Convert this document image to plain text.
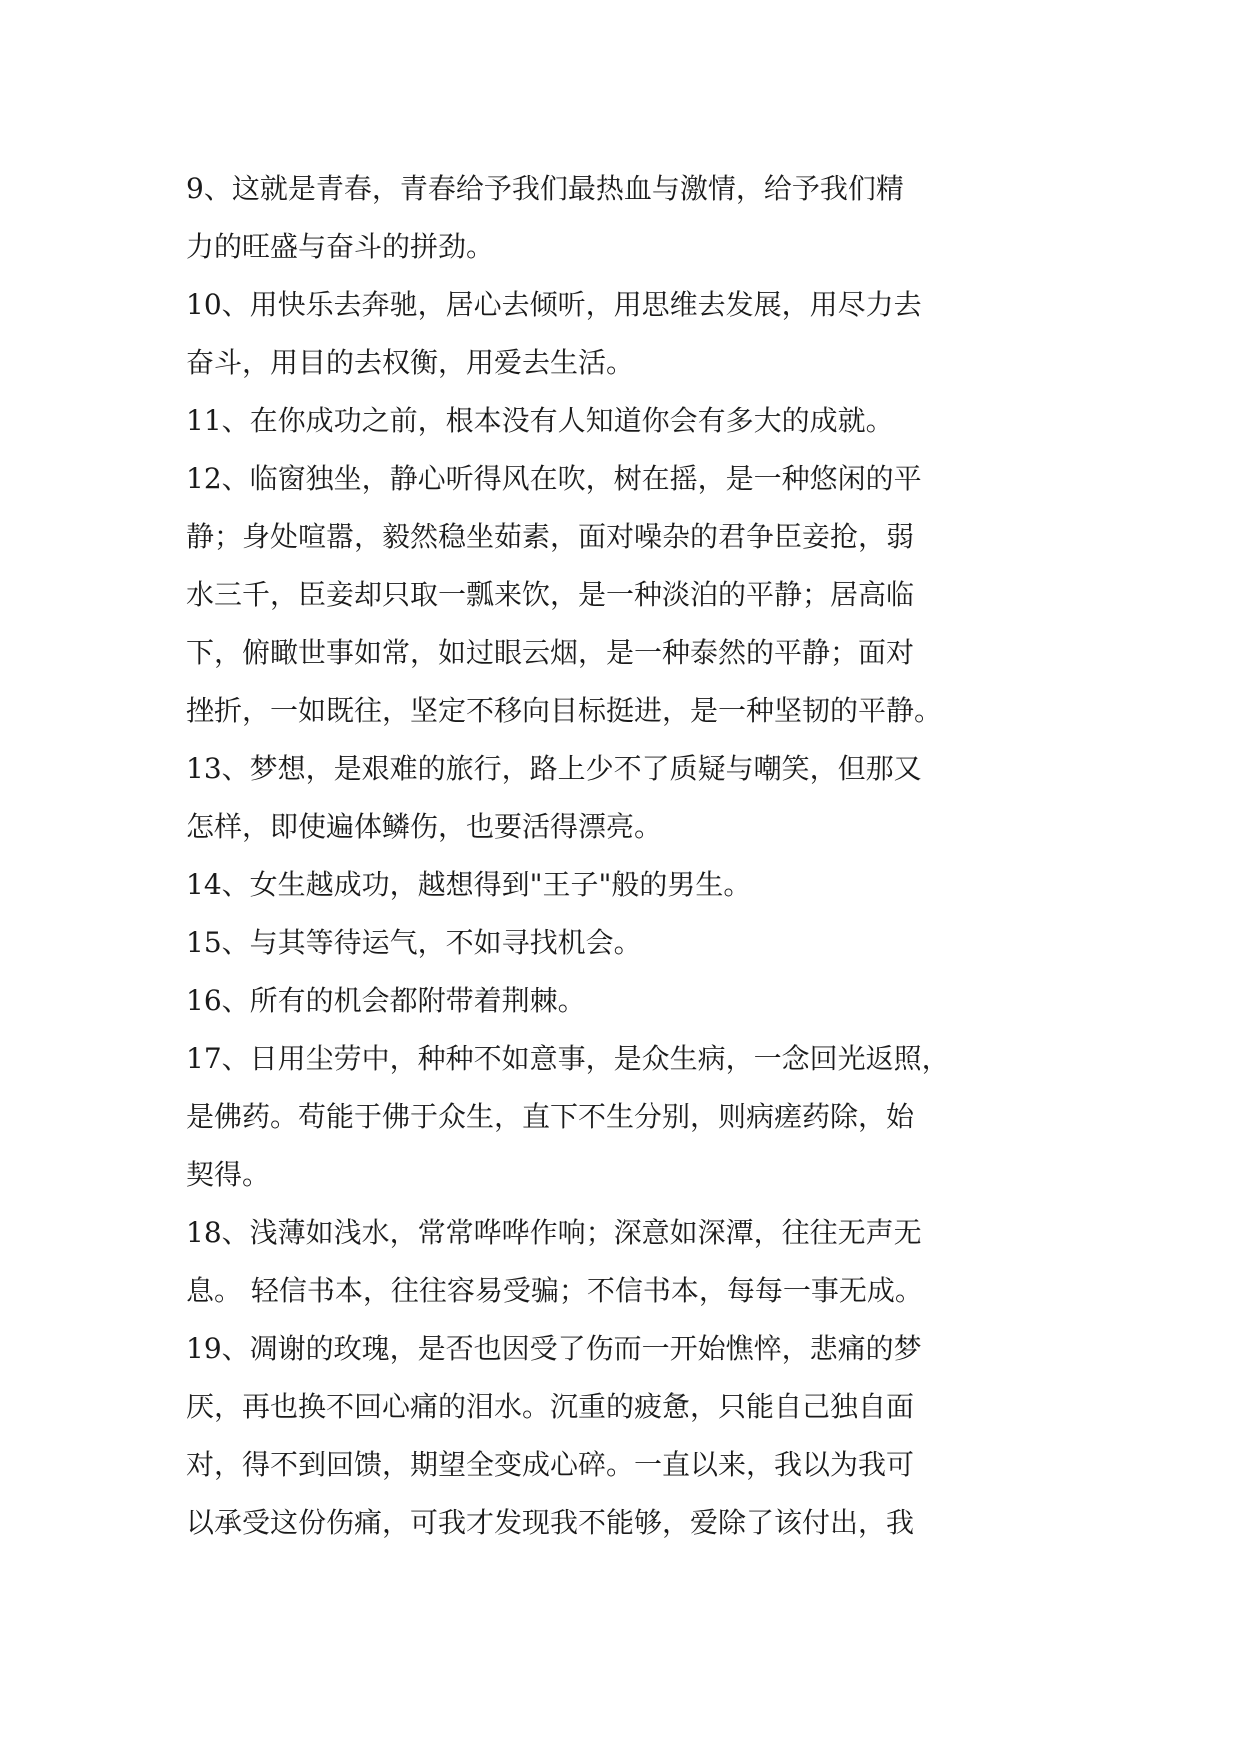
9、这就是青春，青春给予我们最热血与激情，给予我们精
力的旺盛与奋斗的拼劲。
10、用快乐去奔驰，居心去倾听，用思维去发展，用尽力去
奋斗，用目的去权衡，用爱去生活。
11、在你成功之前，根本没有人知道你会有多大的成就。
12、临窗独坐，静心听得风在吹，树在摇，是一种悠闲的平
静；身处喧嚣，毅然稳坐茹素，面对噪杂的君争臣妾抢，弱
水三千，臣妾却只取一瓢来饮，是一种淡泊的平静；居高临
下，俯瞰世事如常，如过眼云烟，是一种泰然的平静；面对
挫折，一如既往，坚定不移向目标挺进，是一种坚韧的平静。
13、梦想，是艰难的旅行，路上少不了质疑与嘲笑，但那又
怎样，即使遍体鳞伤，也要活得漂亮。
14、女生越成功，越想得到"王子"般的男生。
15、与其等待运气，不如寻找机会。
16、所有的机会都附带着荆棘。
17、日用尘劳中，种种不如意事，是众生病，一念回光返照，
是佛药。苟能于佛于众生，直下不生分别，则病瘥药除，始
契得。
18、浅薄如浅水，常常哗哗作响；深意如深潭，往往无声无
息。 轻信书本，往往容易受骗；不信书本，每每一事无成。
19、凋谢的玫瑰，是否也因受了伤而一开始憔悴，悲痛的梦
厌，再也换不回心痛的泪水。沉重的疲惫，只能自己独自面
对，得不到回馈，期望全变成心碎。一直以来，我以为我可
以承受这份伤痛，可我才发现我不能够，爱除了该付出，我
